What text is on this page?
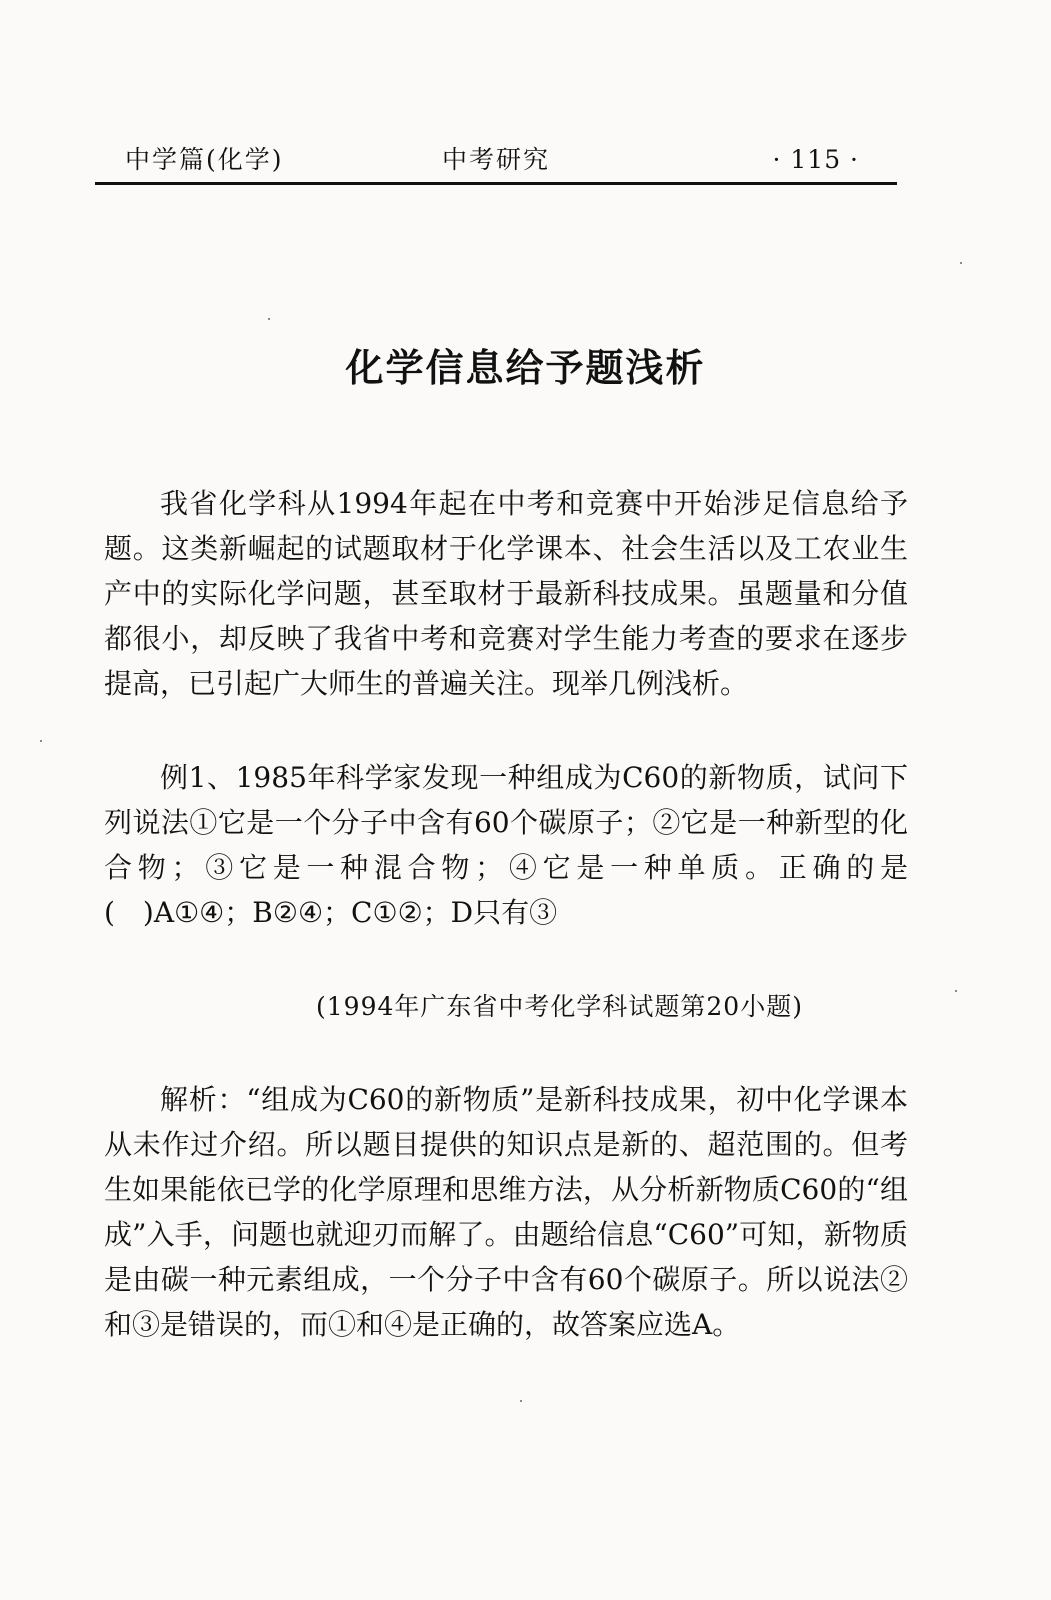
中学篇(化学)	中考研究	· 115 ·
化学信息给予题浅析

我省化学科从1994年起在中考和竞赛中开始涉足信息给予题。这类新崛起的试题取材于化学课本、社会生活以及工农业生产中的实际化学问题，甚至取材于最新科技成果。虽题量和分值都很小，却反映了我省中考和竞赛对学生能力考查的要求在逐步提高，已引起广大师生的普遍关注。现举几例浅析。

例1、1985年科学家发现一种组成为C60的新物质，试问下列说法①它是一个分子中含有60个碳原子；②它是一种新型的化合物；③它是一种混合物；④它是一种单质。正确的是(　)A①④；B②④；C①②；D只有③

(1994年广东省中考化学科试题第20小题)

解析：“组成为C60的新物质”是新科技成果，初中化学课本从未作过介绍。所以题目提供的知识点是新的、超范围的。但考生如果能依已学的化学原理和思维方法，从分析新物质C60的“组成”入手，问题也就迎刃而解了。由题给信息“C60”可知，新物质是由碳一种元素组成，一个分子中含有60个碳原子。所以说法②和③是错误的，而①和④是正确的，故答案应选A。
